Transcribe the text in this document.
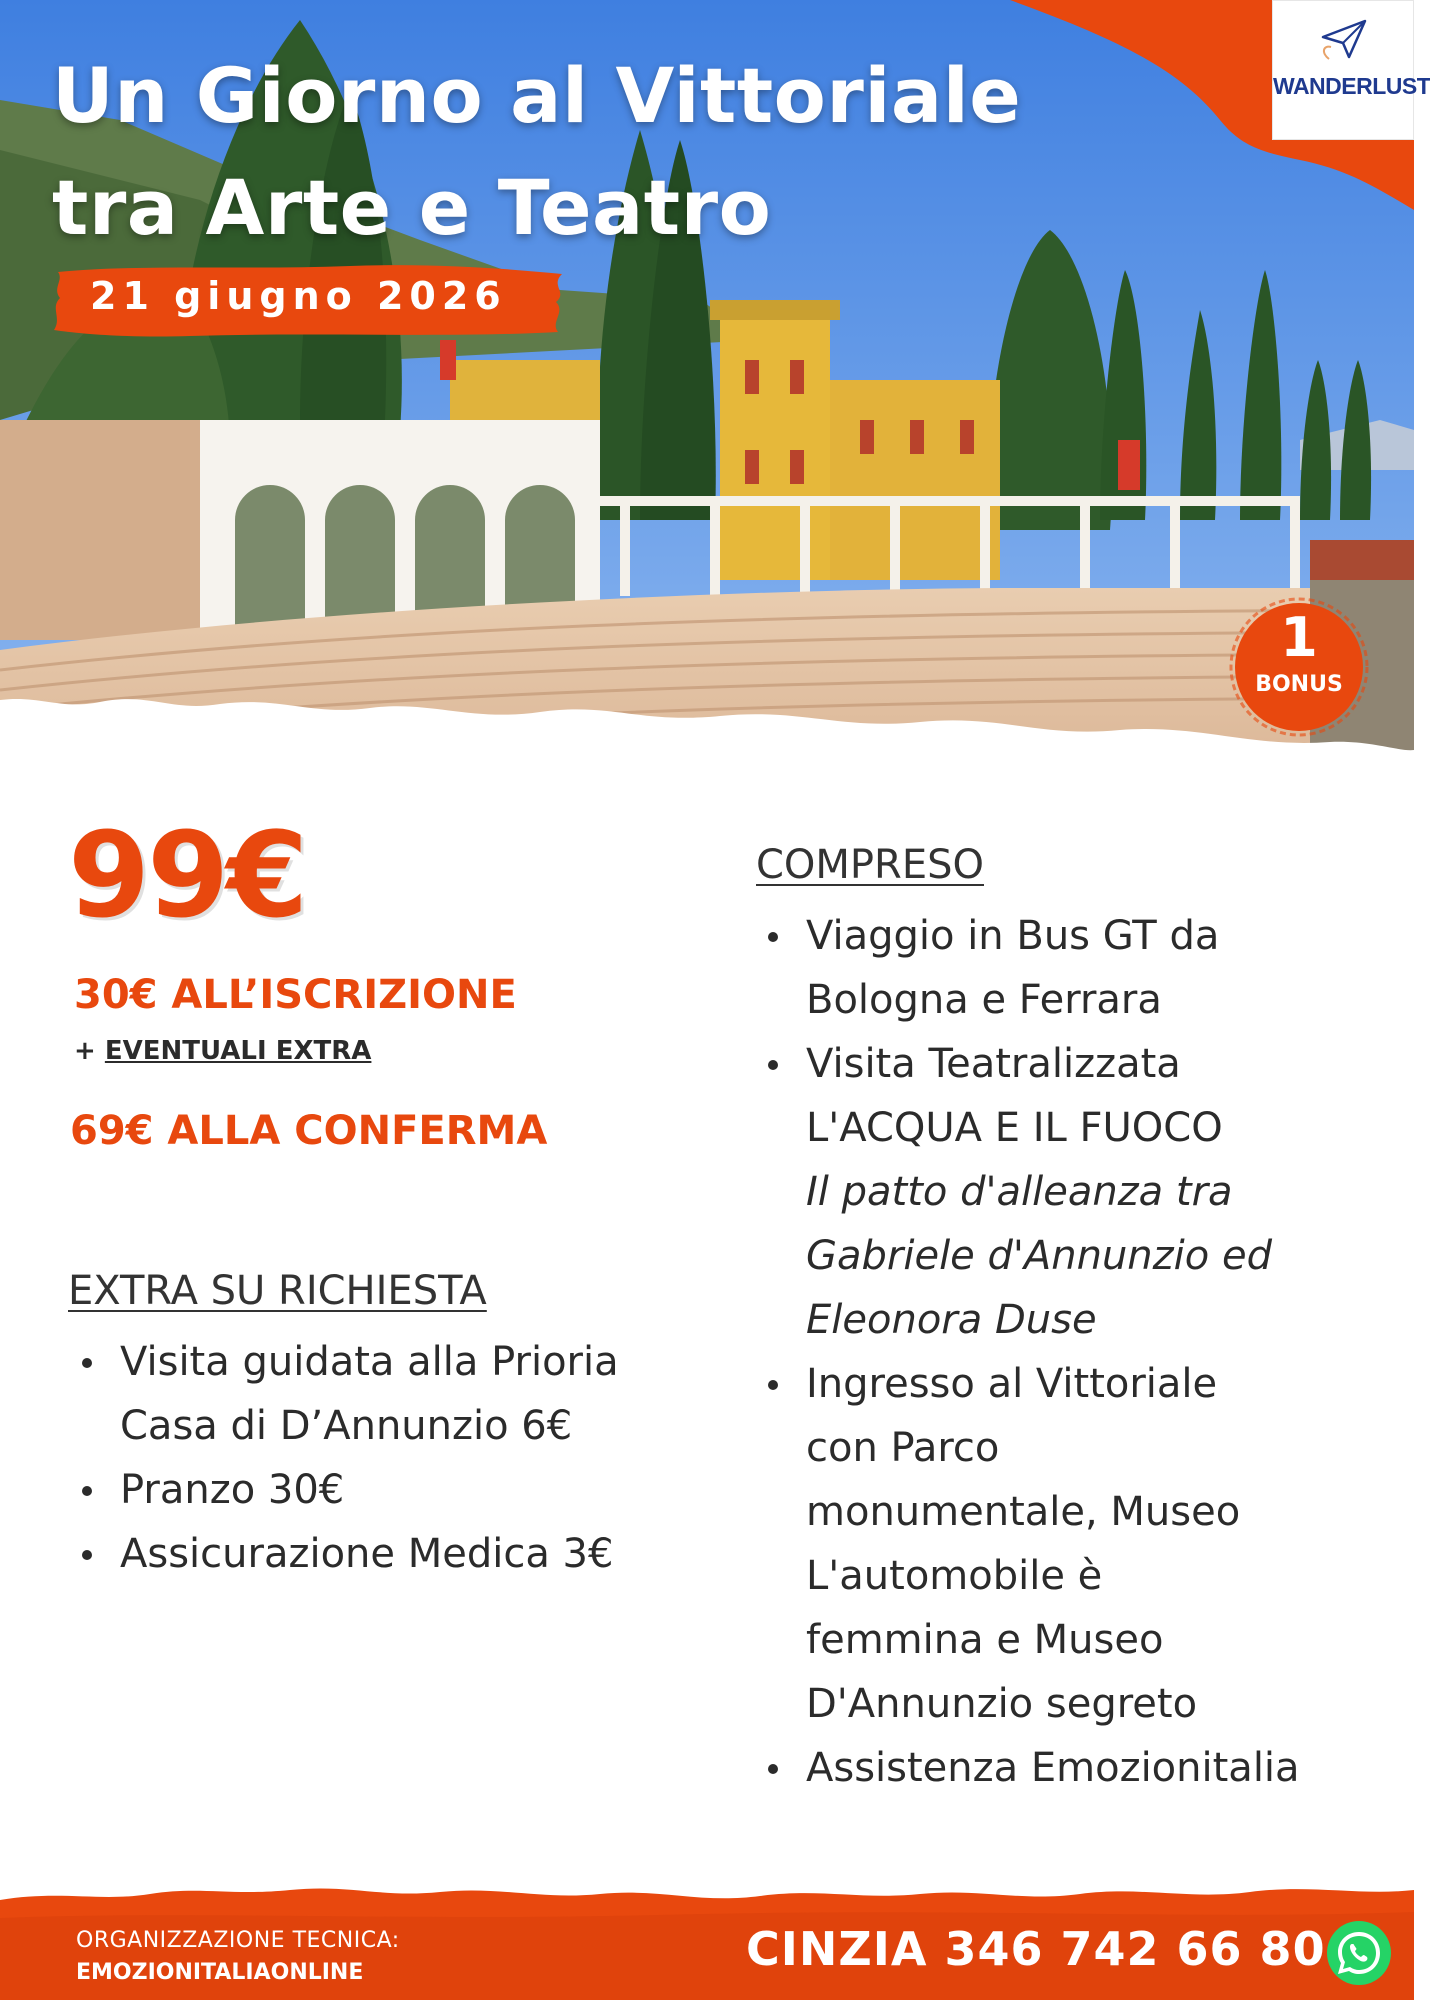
Un Giorno al Vittoriale
tra Arte e Teatro
21 giugno 2026
WANDERLUST
1
BONUS
99€
30€ ALL’ISCRIZIONE
+ EVENTUALI EXTRA
69€ ALLA CONFERMA
EXTRA SU RICHIESTA
Visita guidata alla Prioria
Casa di D’Annunzio 6€
Pranzo 30€
Assicurazione Medica 3€
COMPRESO
Viaggio in Bus GT da
Bologna e Ferrara
Visita Teatralizzata
L'ACQUA E IL FUOCO
Il patto d'alleanza tra
Gabriele d'Annunzio ed
Eleonora Duse
Ingresso al Vittoriale
con Parco
monumentale, Museo
L'automobile è
femmina e Museo
D'Annunzio segreto
Assistenza Emozionitalia
ORGANIZZAZIONE TECNICA:
EMOZIONITALIAONLINE	CINZIA 346 742 66 80
